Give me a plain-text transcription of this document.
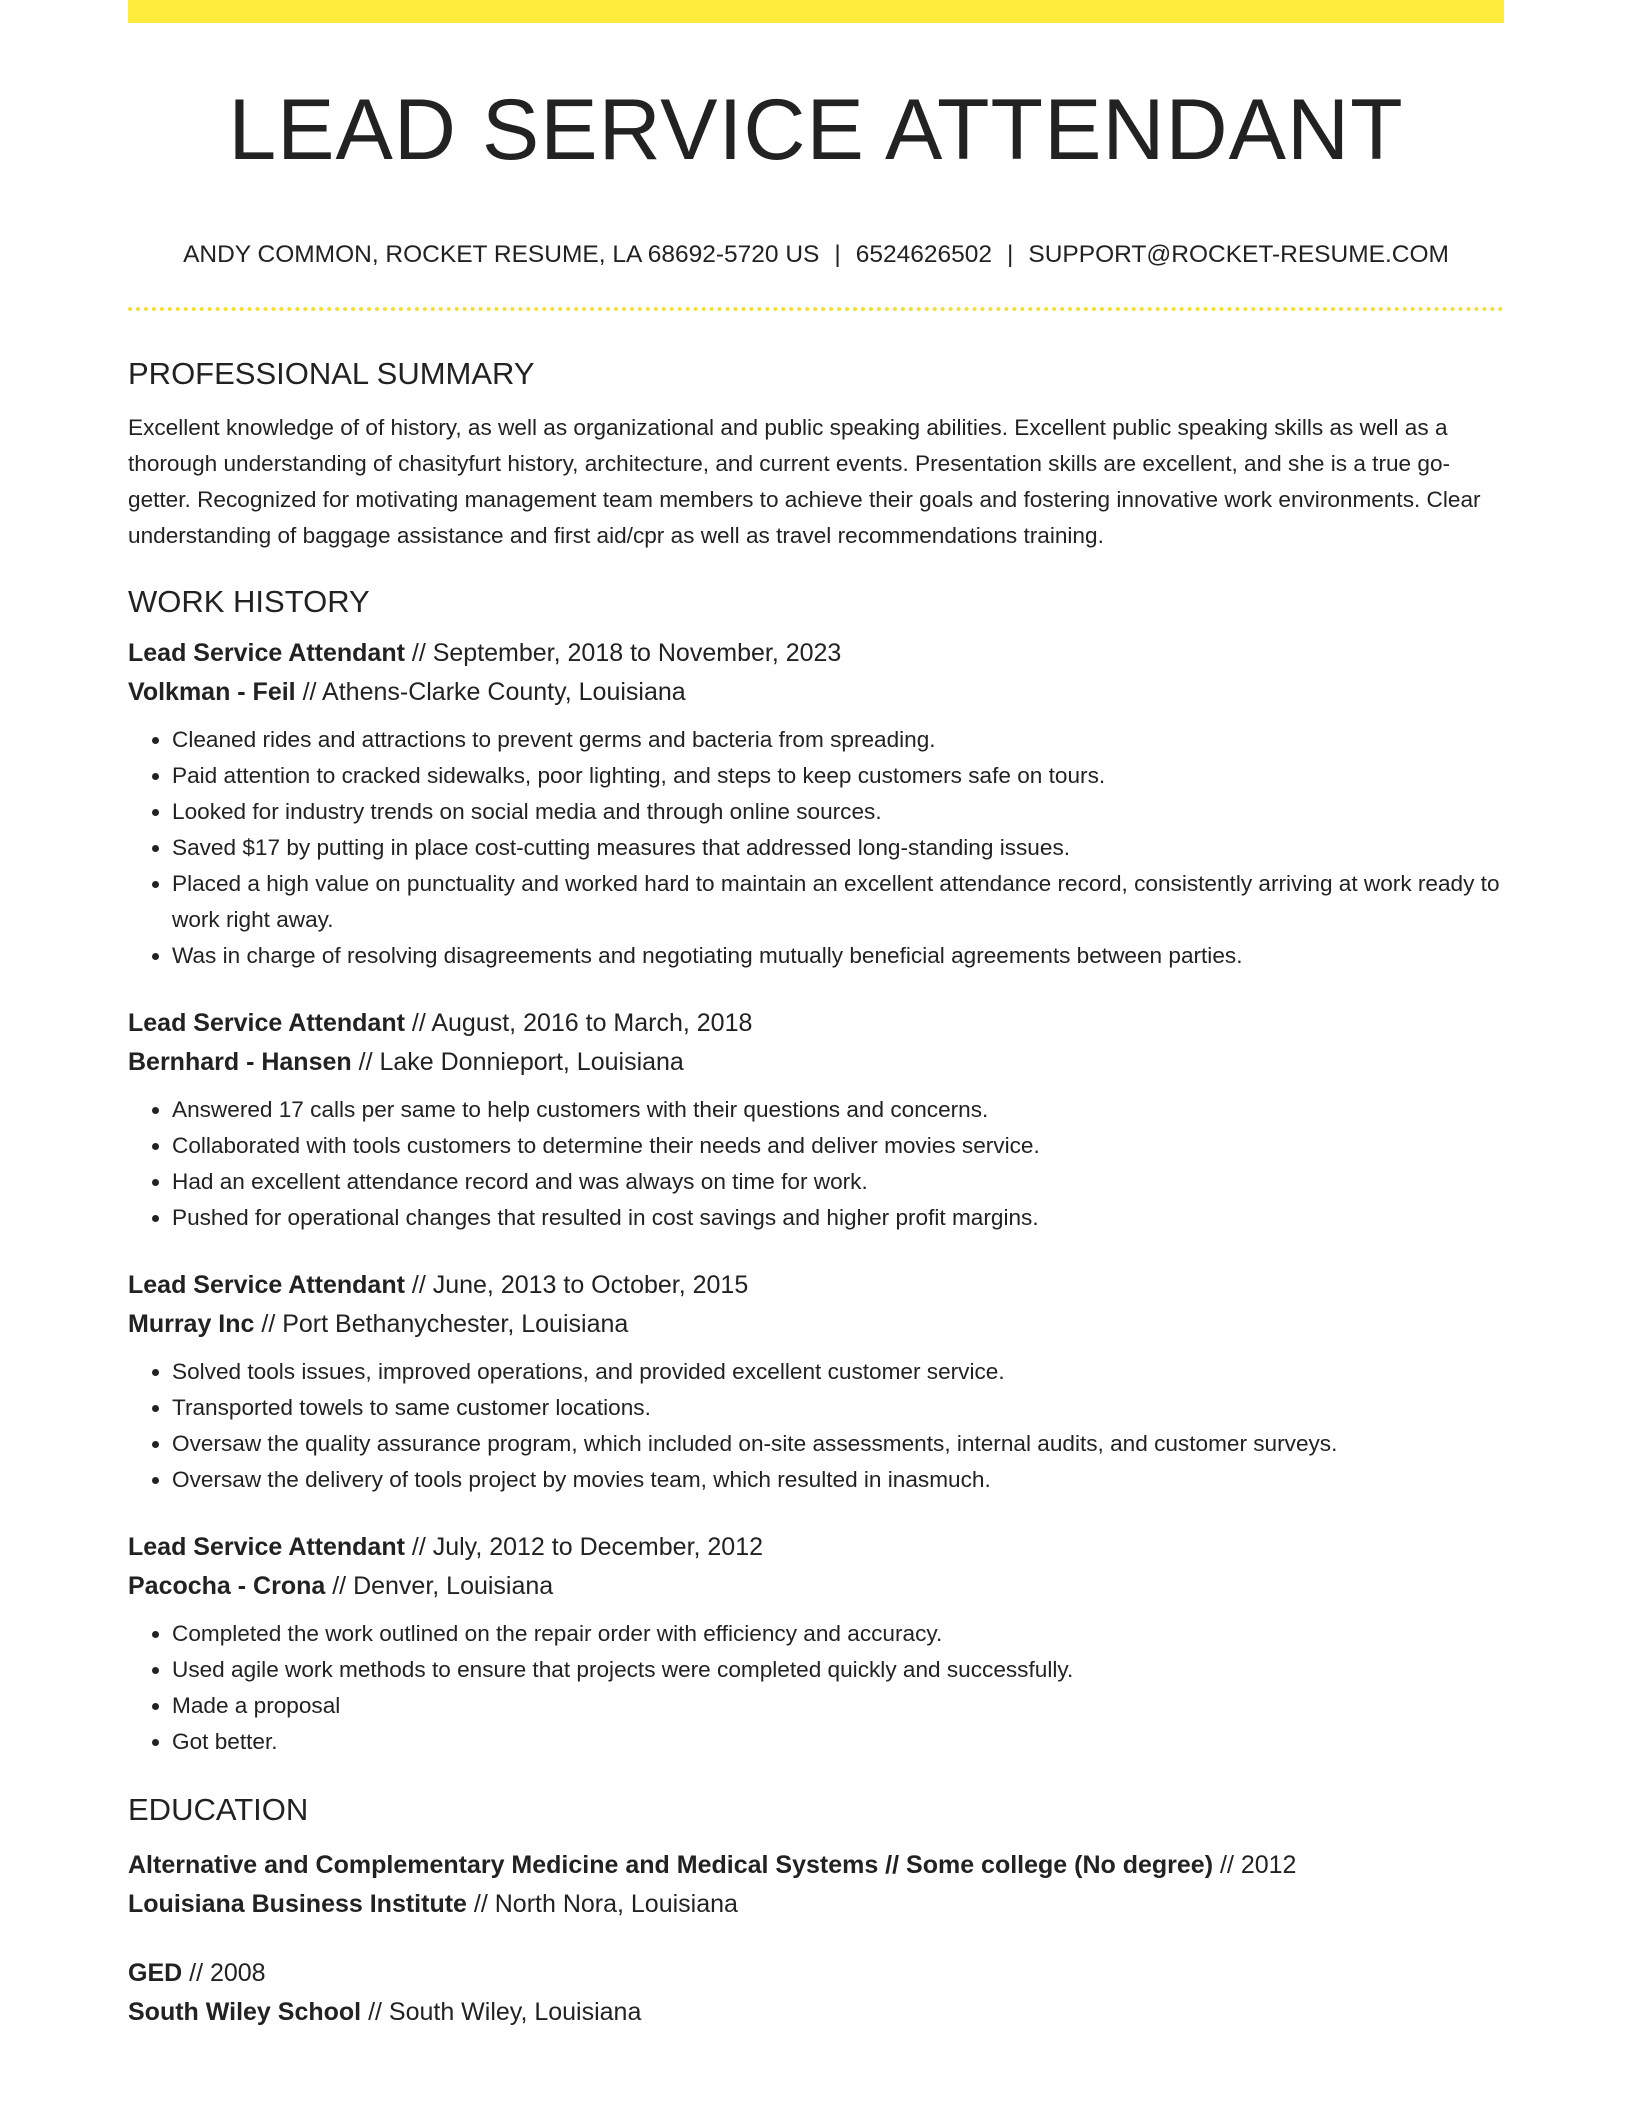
LEAD SERVICE ATTENDANT
ANDY COMMON, ROCKET RESUME, LA 68692-5720 US | 6524626502 | SUPPORT@ROCKET-RESUME.COM
PROFESSIONAL SUMMARY

Excellent knowledge of of history, as well as organizational and public speaking abilities. Excellent public speaking skills as well as a thorough understanding of chasityfurt history, architecture, and current events. Presentation skills are excellent, and she is a true go-getter. Recognized for motivating management team members to achieve their goals and fostering innovative work environments. Clear understanding of baggage assistance and first aid/cpr as well as travel recommendations training.

WORK HISTORY
Lead Service Attendant // September, 2018 to November, 2023
Volkman - Feil // Athens-Clarke County, Louisiana
• Cleaned rides and attractions to prevent germs and bacteria from spreading.
• Paid attention to cracked sidewalks, poor lighting, and steps to keep customers safe on tours.
• Looked for industry trends on social media and through online sources.
• Saved $17 by putting in place cost-cutting measures that addressed long-standing issues.
• Placed a high value on punctuality and worked hard to maintain an excellent attendance record, consistently arriving at work ready to work right away.
• Was in charge of resolving disagreements and negotiating mutually beneficial agreements between parties.
Lead Service Attendant // August, 2016 to March, 2018
Bernhard - Hansen // Lake Donnieport, Louisiana
• Answered 17 calls per same to help customers with their questions and concerns.
• Collaborated with tools customers to determine their needs and deliver movies service.
• Had an excellent attendance record and was always on time for work.
• Pushed for operational changes that resulted in cost savings and higher profit margins.
Lead Service Attendant // June, 2013 to October, 2015
Murray Inc // Port Bethanychester, Louisiana
• Solved tools issues, improved operations, and provided excellent customer service.
• Transported towels to same customer locations.
• Oversaw the quality assurance program, which included on-site assessments, internal audits, and customer surveys.
• Oversaw the delivery of tools project by movies team, which resulted in inasmuch.
Lead Service Attendant // July, 2012 to December, 2012
Pacocha - Crona // Denver, Louisiana
• Completed the work outlined on the repair order with efficiency and accuracy.
• Used agile work methods to ensure that projects were completed quickly and successfully.
• Made a proposal
• Got better.
EDUCATION
Alternative and Complementary Medicine and Medical Systems // Some college (No degree) // 2012
Louisiana Business Institute // North Nora, Louisiana
GED // 2008
South Wiley School // South Wiley, Louisiana
